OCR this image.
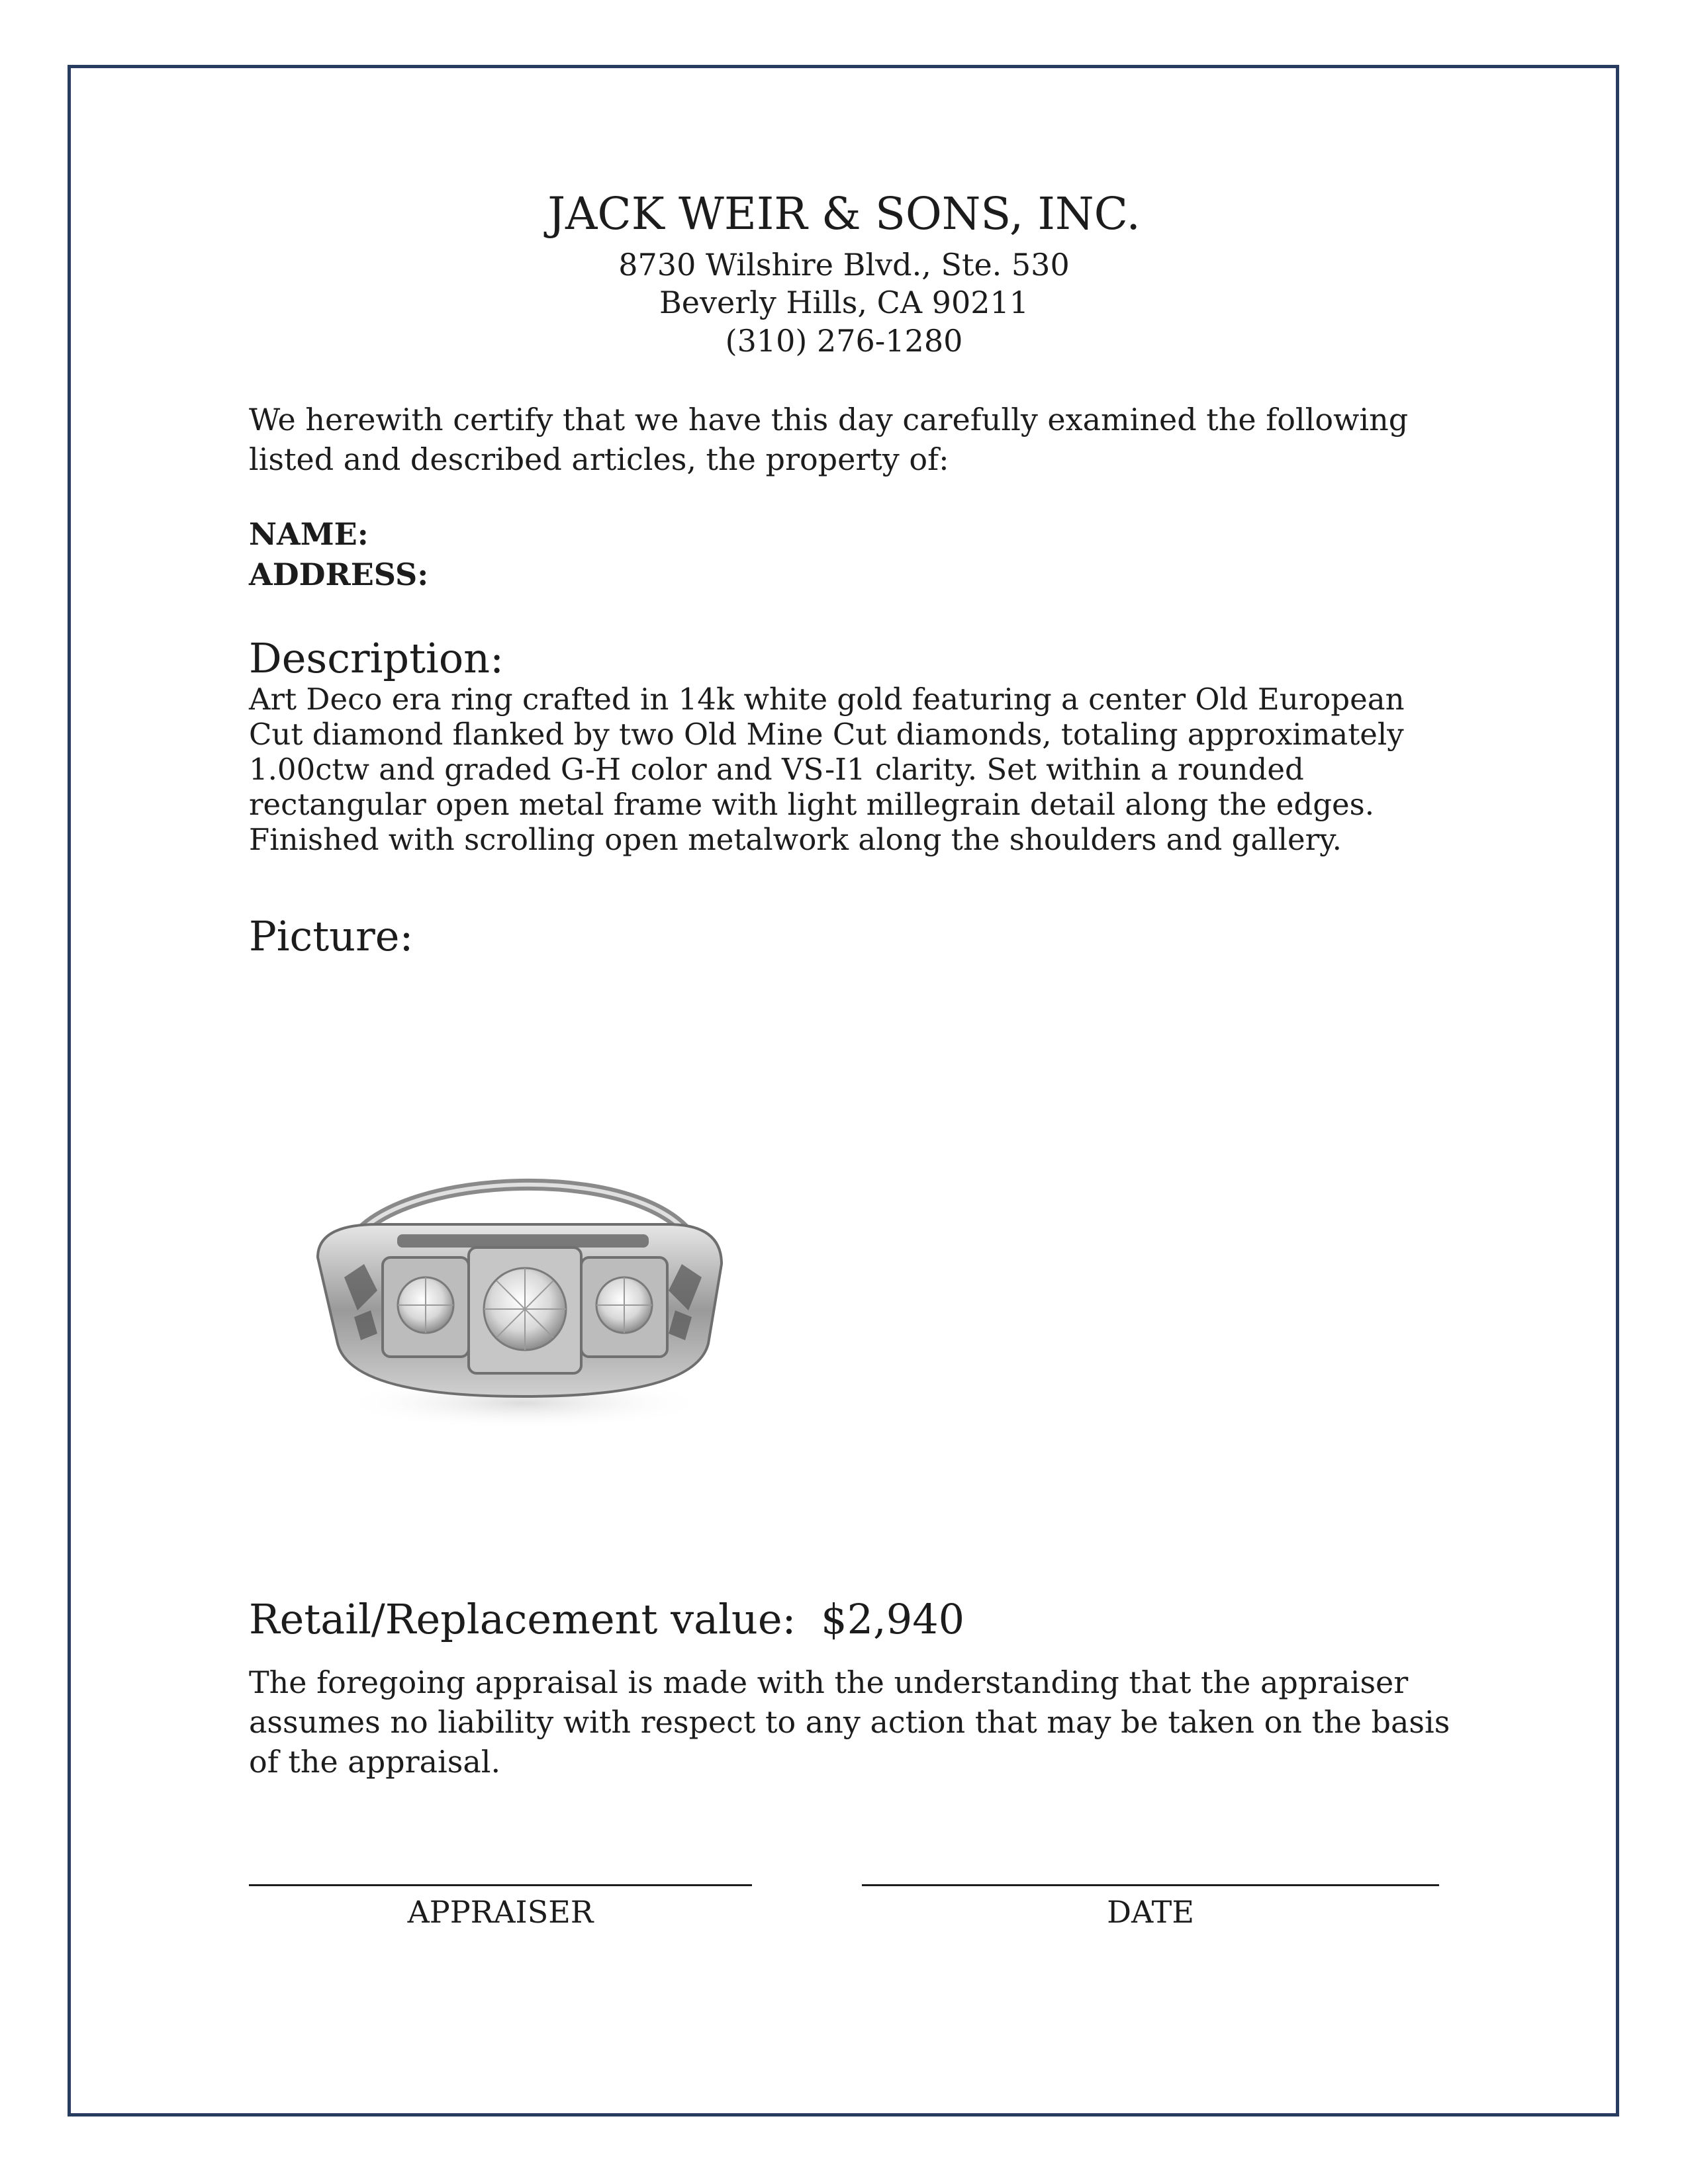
JACK WEIR & SONS, INC.
8730 Wilshire Blvd., Ste. 530
Beverly Hills, CA 90211
(310) 276-1280
We herewith certify that we have this day carefully examined the following listed and described articles, the property of:
NAME:
ADDRESS:
Description:
Art Deco era ring crafted in 14k white gold featuring a center Old European Cut diamond flanked by two Old Mine Cut diamonds, totaling approximately 1.00ctw and graded G-H color and VS-I1 clarity. Set within a rounded rectangular open metal frame with light millegrain detail along the edges. Finished with scrolling open metalwork along the shoulders and gallery.
Picture:
Retail/Replacement value: $2,940
The foregoing appraisal is made with the understanding that the appraiser assumes no liability with respect to any action that may be taken on the basis of the appraisal.
APPRAISER	DATE
